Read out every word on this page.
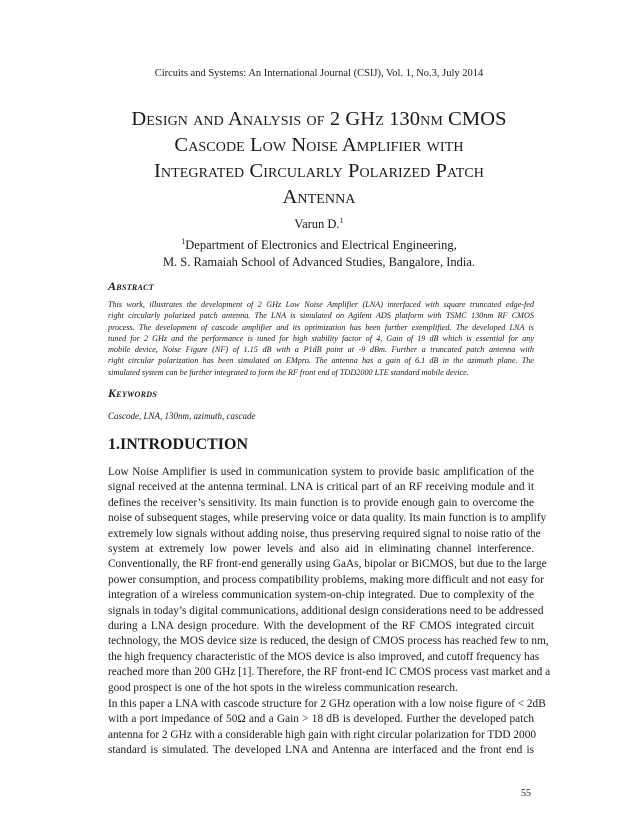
Circuits and Systems: An International Journal (CSIJ), Vol. 1, No.3, July 2014
Design and Analysis of 2 GHz 130nm CMOS
Cascode Low Noise Amplifier with
Integrated Circularly Polarized Patch
Antenna
Varun D.$^1$
$^1$Department of Electronics and Electrical Engineering,
M. S. Ramaiah School of Advanced Studies, Bangalore, India.
Abstract
This work, illustrates the development of 2 GHz Low Noise Amplifier (LNA) interfaced with square truncated edge-fed
right circularly polarized patch antenna. The LNA is simulated on Agilent ADS platform with TSMC 130nm RF CMOS
process. The development of cascode amplifier and its optimization has been further exemplified. The developed LNA is
tuned for 2 GHz and the performance is tuned for high stability factor of 4, Gain of 19 dB which is essential for any
mobile device, Noise Figure (NF) of 1.15 dB with a P1dB point at -9 dBm. Further a truncated patch antenna with
right circular polarization has been simulated on EMpro. The antenna has a gain of 6.1 dB in the azimuth plane. The
simulated system can be further integrated to form the RF front end of TDD2000 LTE standard mobile device.
Keywords
Cascode, LNA, 130nm, azimuth, cascade
1.INTRODUCTION
Low Noise Amplifier is used in communication system to provide basic amplification of the
signal received at the antenna terminal. LNA is critical part of an RF receiving module and it
defines the receiver’s sensitivity. Its main function is to provide enough gain to overcome the
noise of subsequent stages, while preserving voice or data quality. Its main function is to amplify
extremely low signals without adding noise, thus preserving required signal to noise ratio of the
system at extremely low power levels and also aid in eliminating channel interference.
Conventionally, the RF front-end generally using GaAs, bipolar or BiCMOS, but due to the large
power consumption, and process compatibility problems, making more difficult and not easy for
integration of a wireless communication system-on-chip integrated. Due to complexity of the
signals in today’s digital communications, additional design considerations need to be addressed
during a LNA design procedure. With the development of the RF CMOS integrated circuit
technology, the MOS device size is reduced, the design of CMOS process has reached few to nm,
the high frequency characteristic of the MOS device is also improved, and cutoff frequency has
reached more than 200 GHz [1]. Therefore, the RF front-end IC CMOS process vast market and a
good prospect is one of the hot spots in the wireless communication research.
In this paper a LNA with cascode structure for 2 GHz operation with a low noise figure of < 2dB
with a port impedance of 50Ω and a Gain > 18 dB is developed. Further the developed patch
antenna for 2 GHz with a considerable high gain with right circular polarization for TDD 2000
standard is simulated. The developed LNA and Antenna are interfaced and the front end is
55
